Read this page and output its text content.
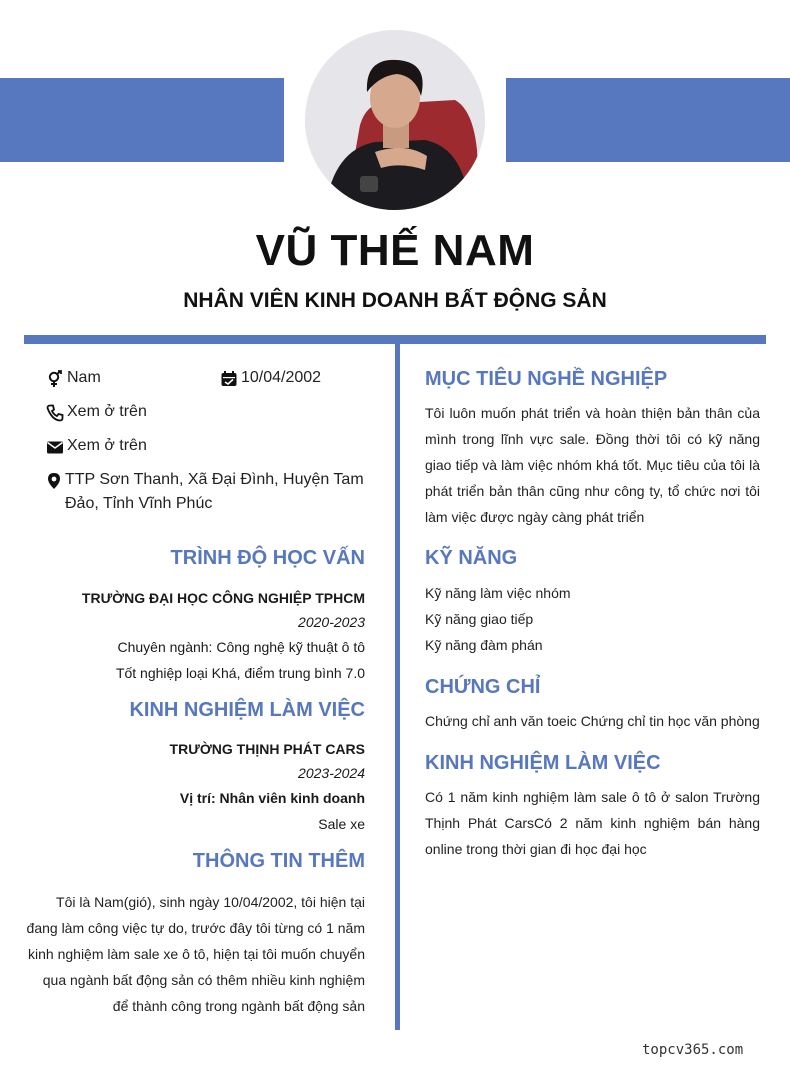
VŨ THẾ NAM
NHÂN VIÊN KINH DOANH BẤT ĐỘNG SẢN
Nam	10/04/2002
Xem ở trên
Xem ở trên
TTP Sơn Thanh, Xã Đại Đình, Huyện Tam Đảo, Tỉnh Vĩnh Phúc
TRÌNH ĐỘ HỌC VẤN
TRƯỜNG ĐẠI HỌC CÔNG NGHIỆP TPHCM
2020-2023
Chuyên ngành: Công nghệ kỹ thuật ô tô
Tốt nghiệp loại Khá, điểm trung bình 7.0
KINH NGHIỆM LÀM VIỆC
TRƯỜNG THỊNH PHÁT CARS
2023-2024
Vị trí: Nhân viên kinh doanh
Sale xe
THÔNG TIN THÊM
Tôi là Nam(gió), sinh ngày 10/04/2002, tôi hiện tại đang làm công việc tự do, trước đây tôi từng có 1 năm kinh nghiệm làm sale xe ô tô, hiện tại tôi muốn chuyển qua ngành bất động sản có thêm nhiều kinh nghiệm để thành công trong ngành bất động sản
MỤC TIÊU NGHỀ NGHIỆP
Tôi luôn muốn phát triển và hoàn thiện bản thân của mình trong lĩnh vực sale. Đồng thời tôi có kỹ năng giao tiếp và làm việc nhóm khá tốt. Mục tiêu của tôi là phát triển bản thân cũng như công ty, tổ chức nơi tôi làm việc được ngày càng phát triển
KỸ NĂNG
Kỹ năng làm việc nhóm
Kỹ năng giao tiếp
Kỹ năng đàm phán
CHỨNG CHỈ
Chứng chỉ anh văn toeic Chứng chỉ tin học văn phòng
KINH NGHIỆM LÀM VIỆC
Có 1 năm kinh nghiệm làm sale ô tô ở salon Trường Thịnh Phát CarsCó 2 năm kinh nghiệm bán hàng online trong thời gian đi học đại học
topcv365.com
